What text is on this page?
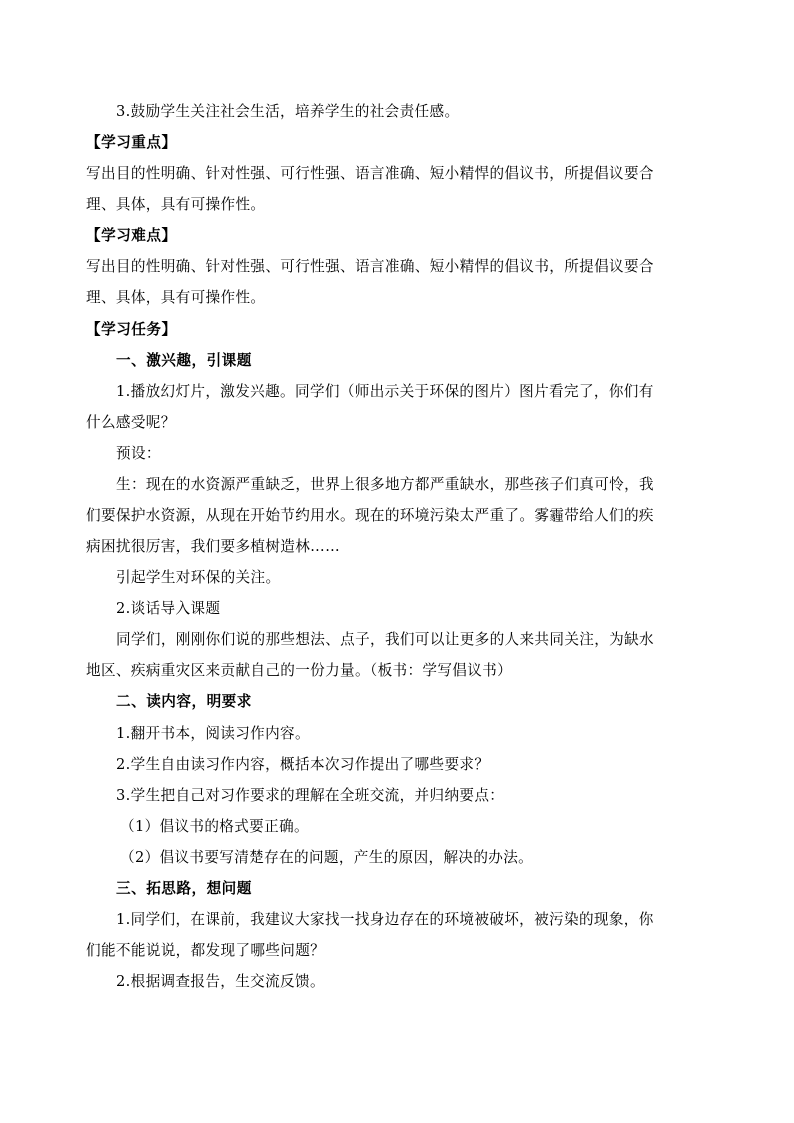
3.鼓励学生关注社会生活，培养学生的社会责任感。
【学习重点】
写出目的性明确、针对性强、可行性强、语言准确、短小精悍的倡议书，所提倡议要合
理、具体，具有可操作性。
【学习难点】
写出目的性明确、针对性强、可行性强、语言准确、短小精悍的倡议书，所提倡议要合
理、具体，具有可操作性。
【学习任务】
一、激兴趣，引课题
1.播放幻灯片，激发兴趣。同学们（师出示关于环保的图片）图片看完了，你们有
什么感受呢？
预设：
生：现在的水资源严重缺乏，世界上很多地方都严重缺水，那些孩子们真可怜，我
们要保护水资源，从现在开始节约用水。现在的环境污染太严重了。雾霾带给人们的疾
病困扰很厉害，我们要多植树造林……
引起学生对环保的关注。
2.谈话导入课题
同学们，刚刚你们说的那些想法、点子，我们可以让更多的人来共同关注，为缺水
地区、疾病重灾区来贡献自己的一份力量。（板书：学写倡议书）
二、读内容，明要求
1.翻开书本，阅读习作内容。
2.学生自由读习作内容，概括本次习作提出了哪些要求？
3.学生把自己对习作要求的理解在全班交流，并归纳要点：
（1）倡议书的格式要正确。
（2）倡议书要写清楚存在的问题，产生的原因，解决的办法。
三、拓思路，想问题
1.同学们，在课前，我建议大家找一找身边存在的环境被破坏，被污染的现象，你
们能不能说说，都发现了哪些问题？
2.根据调查报告，生交流反馈。
